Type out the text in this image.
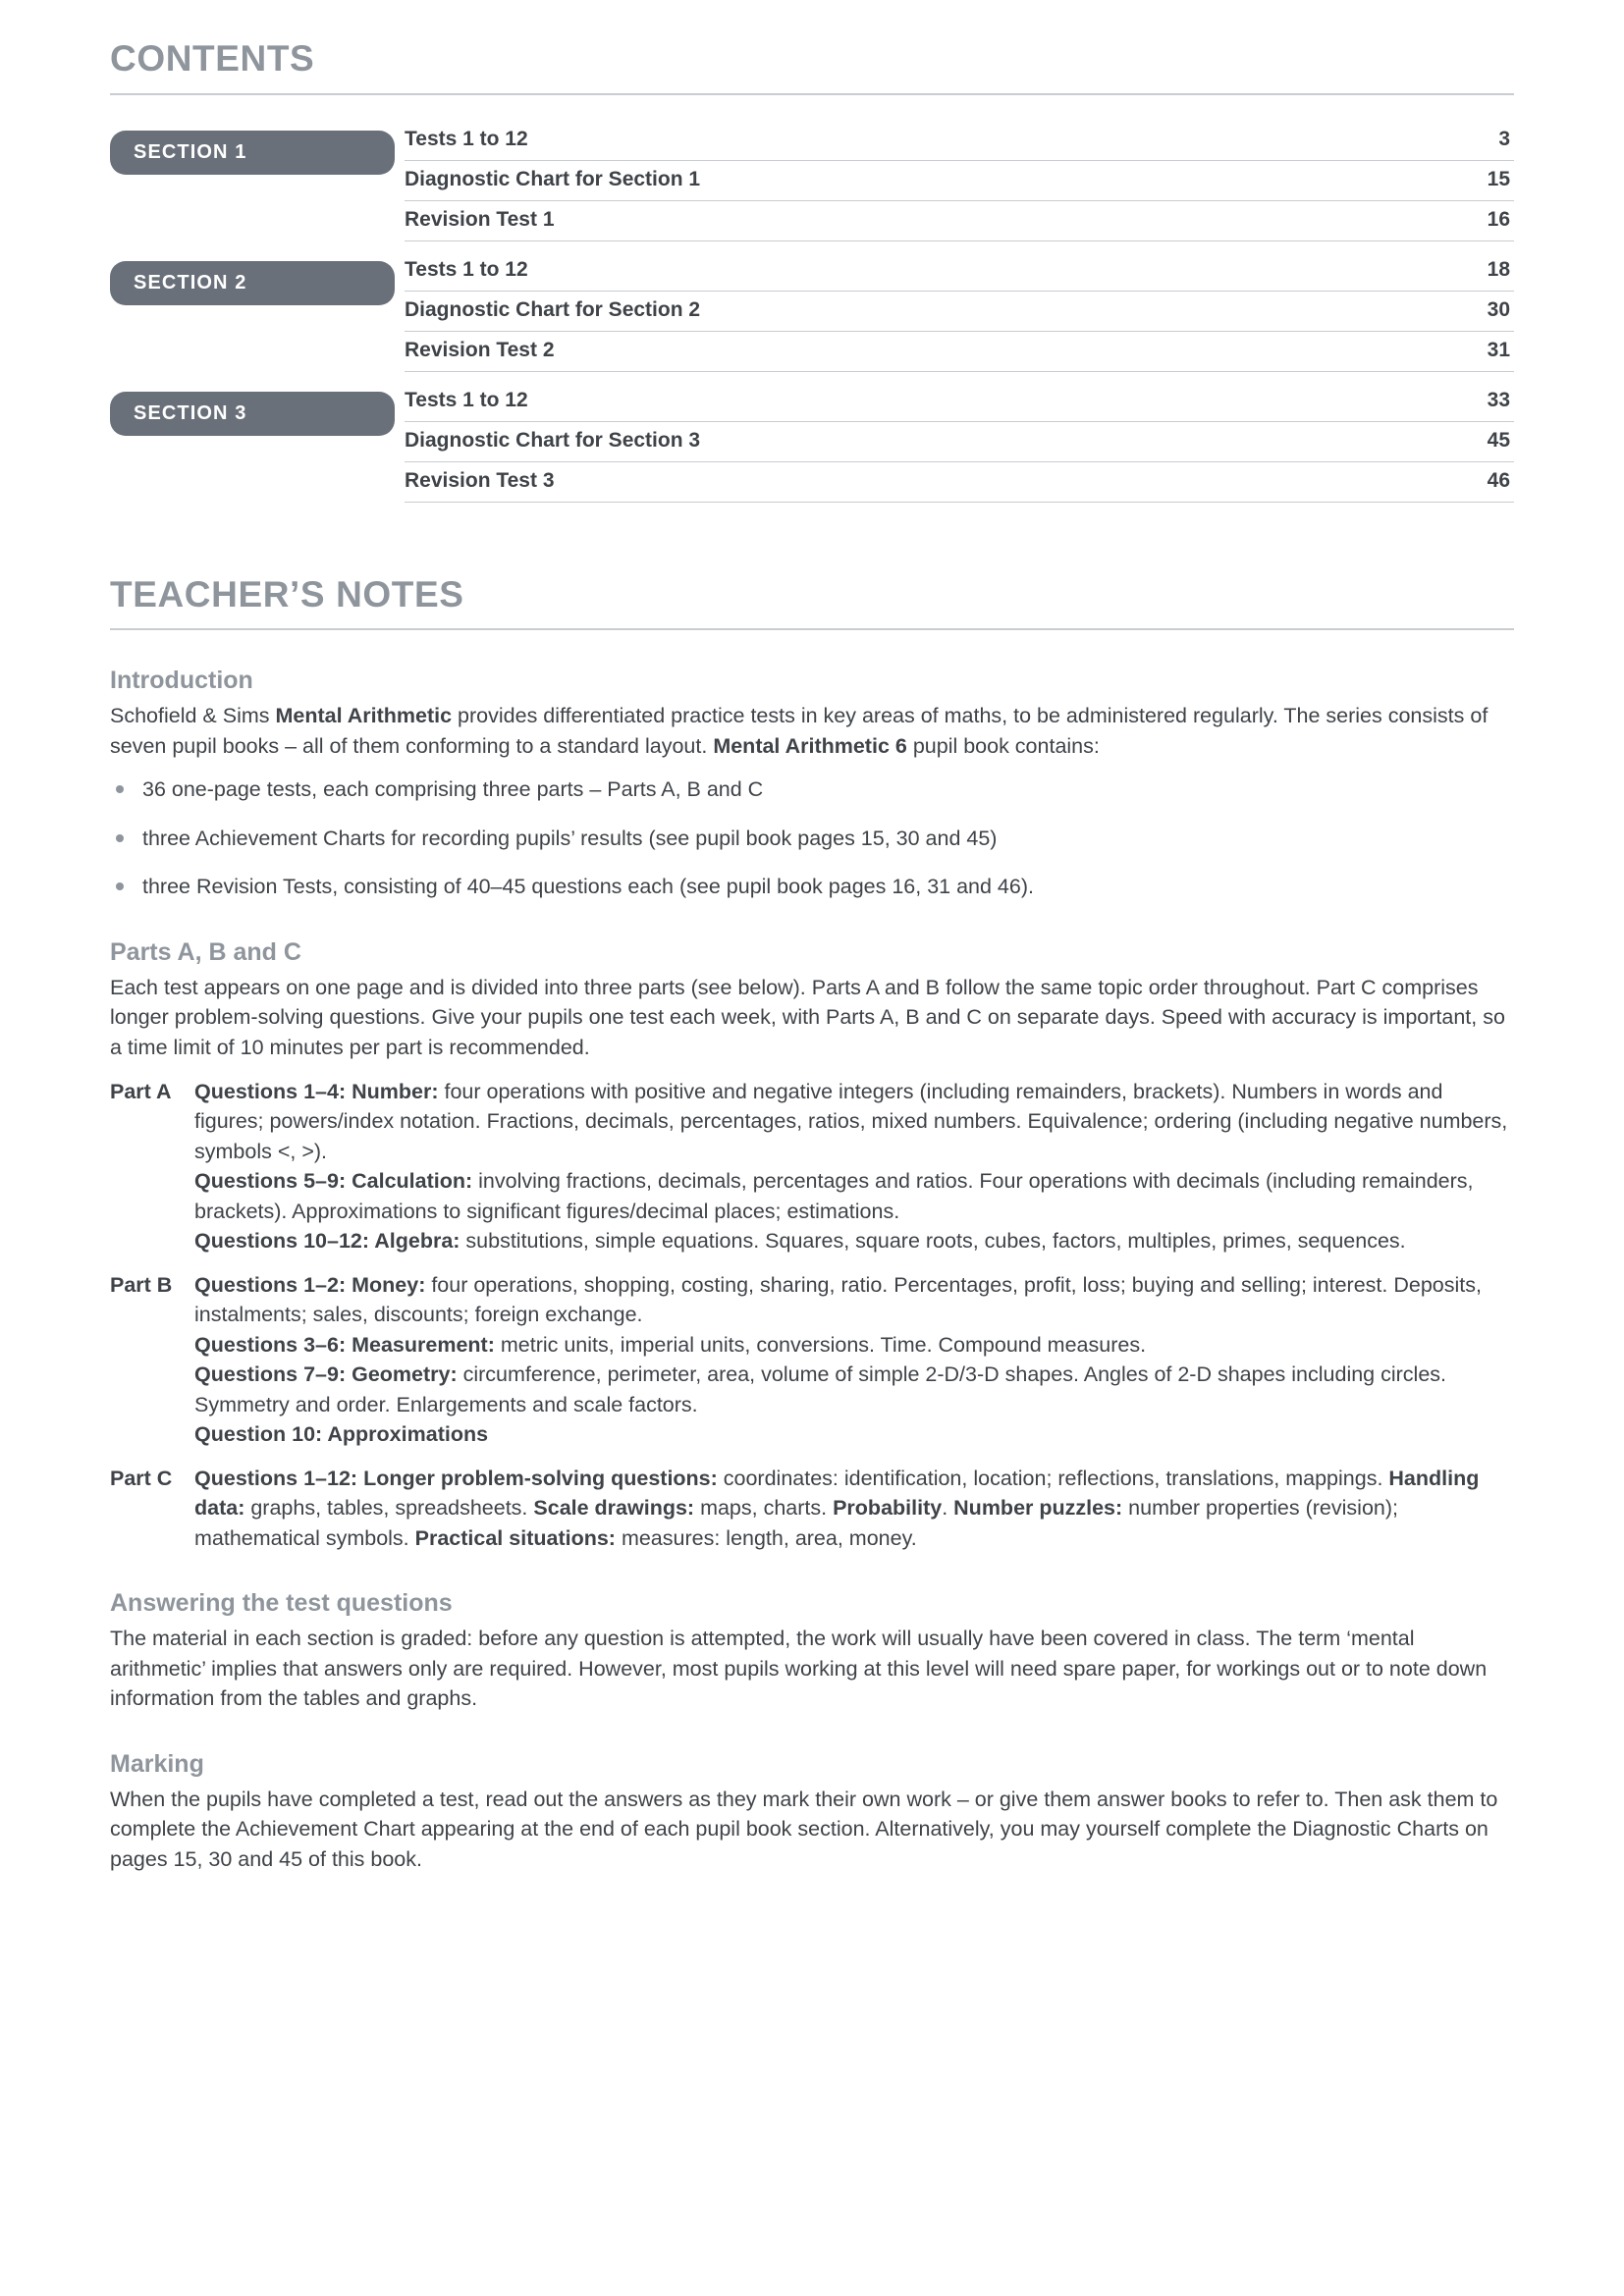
CONTENTS
SECTION 1
Tests 1 to 12	3
Diagnostic Chart for Section 1	15
Revision Test 1	16
SECTION 2
Tests 1 to 12	18
Diagnostic Chart for Section 2	30
Revision Test 2	31
SECTION 3
Tests 1 to 12	33
Diagnostic Chart for Section 3	45
Revision Test 3	46
TEACHER’S NOTES
Introduction

Schofield & Sims Mental Arithmetic provides differentiated practice tests in key areas of maths, to be administered regularly. The series consists of seven pupil books – all of them conforming to a standard layout. Mental Arithmetic 6 pupil book contains:

36 one-page tests, each comprising three parts – Parts A, B and C
three Achievement Charts for recording pupils’ results (see pupil book pages 15, 30 and 45)
three Revision Tests, consisting of 40–45 questions each (see pupil book pages 16, 31 and 46).
Parts A, B and C

Each test appears on one page and is divided into three parts (see below). Parts A and B follow the same topic order throughout. Part C comprises longer problem-solving questions. Give your pupils one test each week, with Parts A, B and C on separate days. Speed with accuracy is important, so a time limit of 10 minutes per part is recommended.

Part A	Questions 1–4: Number: four operations with positive and negative integers (including remainders, brackets). Numbers in words and figures; powers/index notation. Fractions, decimals, percentages, ratios, mixed numbers. Equivalence; ordering (including negative numbers, symbols <, >).
Questions 5–9: Calculation: involving fractions, decimals, percentages and ratios. Four operations with decimals (including remainders, brackets). Approximations to significant figures/decimal places; estimations.
Questions 10–12: Algebra: substitutions, simple equations. Squares, square roots, cubes, factors, multiples, primes, sequences.
Part B	Questions 1–2: Money: four operations, shopping, costing, sharing, ratio. Percentages, profit, loss; buying and selling; interest. Deposits, instalments; sales, discounts; foreign exchange.
Questions 3–6: Measurement: metric units, imperial units, conversions. Time. Compound measures.
Questions 7–9: Geometry: circumference, perimeter, area, volume of simple 2-D/3-D shapes. Angles of 2-D shapes including circles. Symmetry and order. Enlargements and scale factors.
Question 10: Approximations
Part C	Questions 1–12: Longer problem-solving questions: coordinates: identification, location; reflections, translations, mappings. Handling data: graphs, tables, spreadsheets. Scale drawings: maps, charts. Probability. Number puzzles: number properties (revision); mathematical symbols. Practical situations: measures: length, area, money.
Answering the test questions

The material in each section is graded: before any question is attempted, the work will usually have been covered in class. The term ‘mental arithmetic’ implies that answers only are required. However, most pupils working at this level will need spare paper, for workings out or to note down information from the tables and graphs.

Marking

When the pupils have completed a test, read out the answers as they mark their own work – or give them answer books to refer to. Then ask them to complete the Achievement Chart appearing at the end of each pupil book section. Alternatively, you may yourself complete the Diagnostic Charts on pages 15, 30 and 45 of this book.
